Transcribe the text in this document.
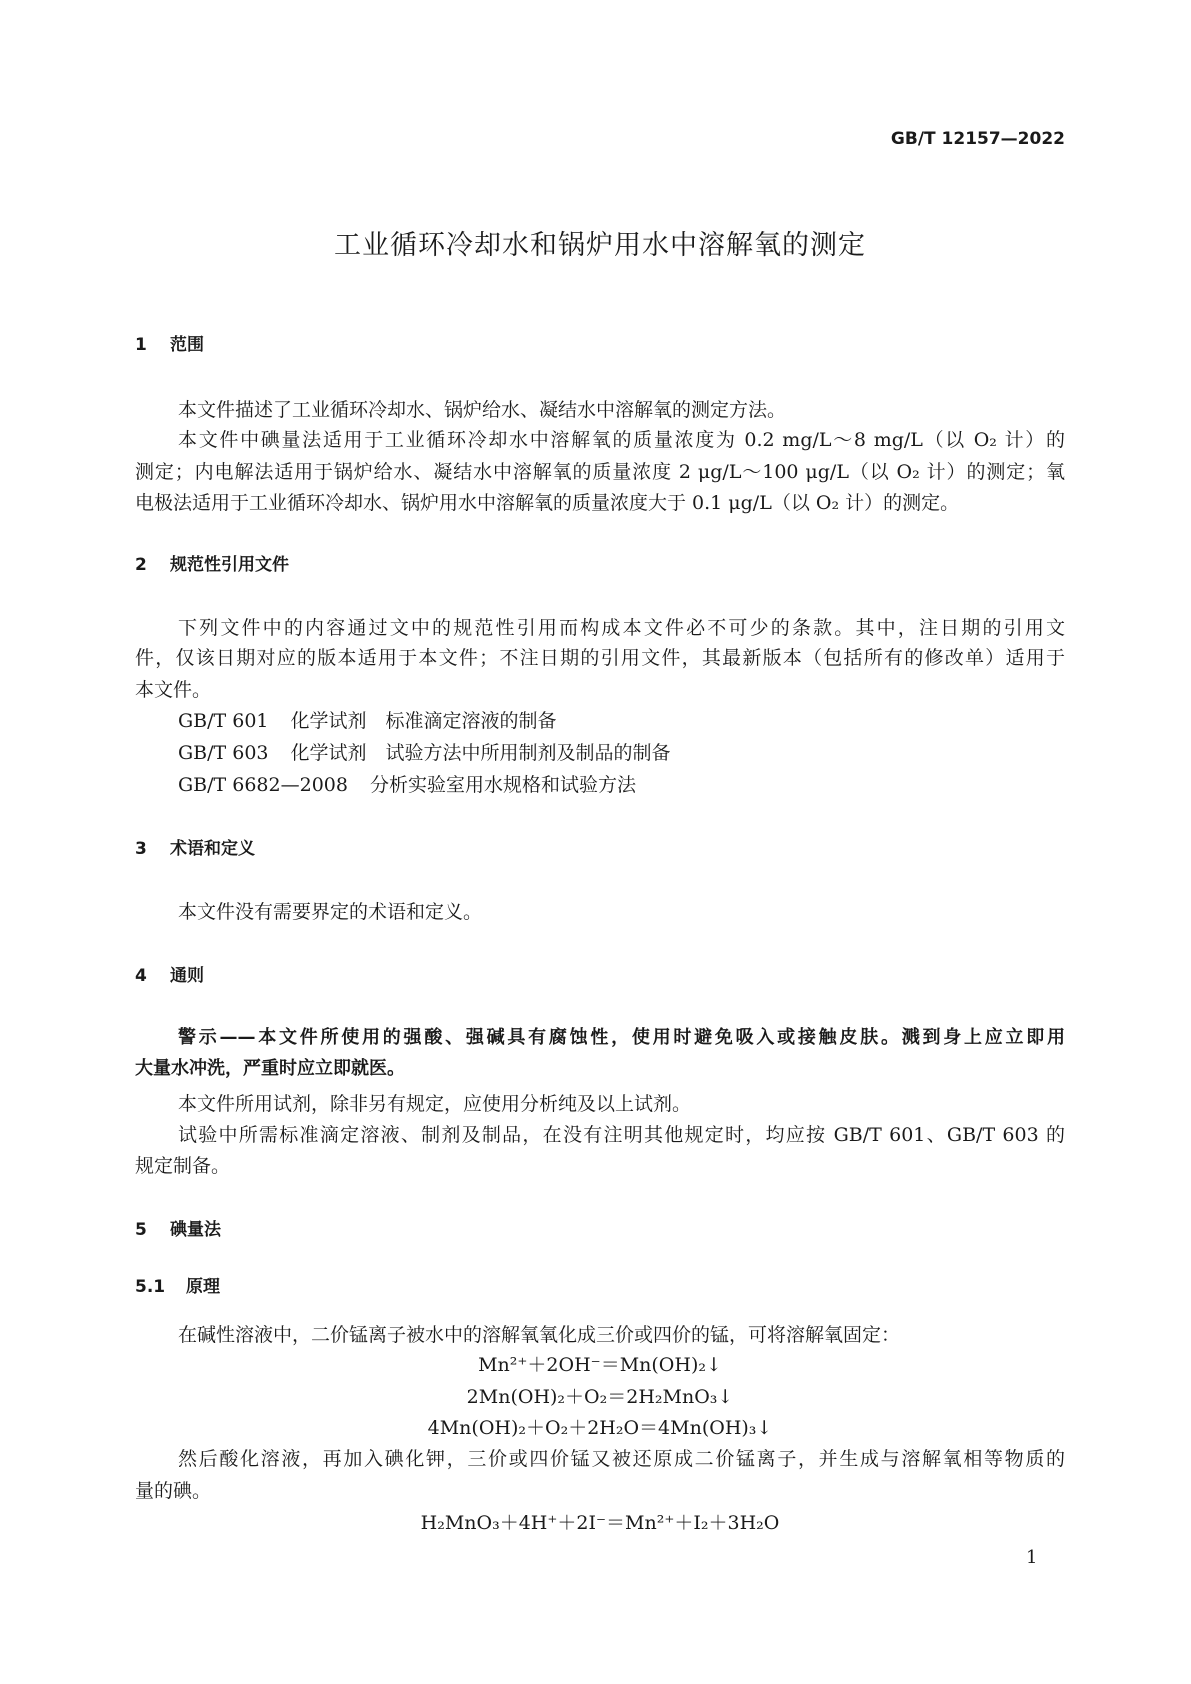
GB/T 12157—2022
工业循环冷却水和锅炉用水中溶解氧的测定
1 范围
本文件描述了工业循环冷却水、锅炉给水、凝结水中溶解氧的测定方法。
本文件中碘量法适用于工业循环冷却水中溶解氧的质量浓度为 0.2 mg/L～8 mg/L（以 O₂ 计）的
测定；内电解法适用于锅炉给水、凝结水中溶解氧的质量浓度 2 μg/L～100 μg/L（以 O₂ 计）的测定；氧
电极法适用于工业循环冷却水、锅炉用水中溶解氧的质量浓度大于 0.1 μg/L（以 O₂ 计）的测定。
2 规范性引用文件
下列文件中的内容通过文中的规范性引用而构成本文件必不可少的条款。其中，注日期的引用文
件，仅该日期对应的版本适用于本文件；不注日期的引用文件，其最新版本（包括所有的修改单）适用于
本文件。
GB/T 601 化学试剂　标准滴定溶液的制备
GB/T 603 化学试剂　试验方法中所用制剂及制品的制备
GB/T 6682—2008 分析实验室用水规格和试验方法
3 术语和定义
本文件没有需要界定的术语和定义。
4 通则
警示——本文件所使用的强酸、强碱具有腐蚀性，使用时避免吸入或接触皮肤。溅到身上应立即用
大量水冲洗，严重时应立即就医。
本文件所用试剂，除非另有规定，应使用分析纯及以上试剂。
试验中所需标准滴定溶液、制剂及制品，在没有注明其他规定时，均应按 GB/T 601、GB/T 603 的
规定制备。
5 碘量法
5.1 原理
在碱性溶液中，二价锰离子被水中的溶解氧氧化成三价或四价的锰，可将溶解氧固定：
Mn²⁺＋2OH⁻＝Mn(OH)₂↓
2Mn(OH)₂＋O₂＝2H₂MnO₃↓
4Mn(OH)₂＋O₂＋2H₂O＝4Mn(OH)₃↓
然后酸化溶液，再加入碘化钾，三价或四价锰又被还原成二价锰离子，并生成与溶解氧相等物质的
量的碘。
H₂MnO₃＋4H⁺＋2I⁻＝Mn²⁺＋I₂＋3H₂O
1
